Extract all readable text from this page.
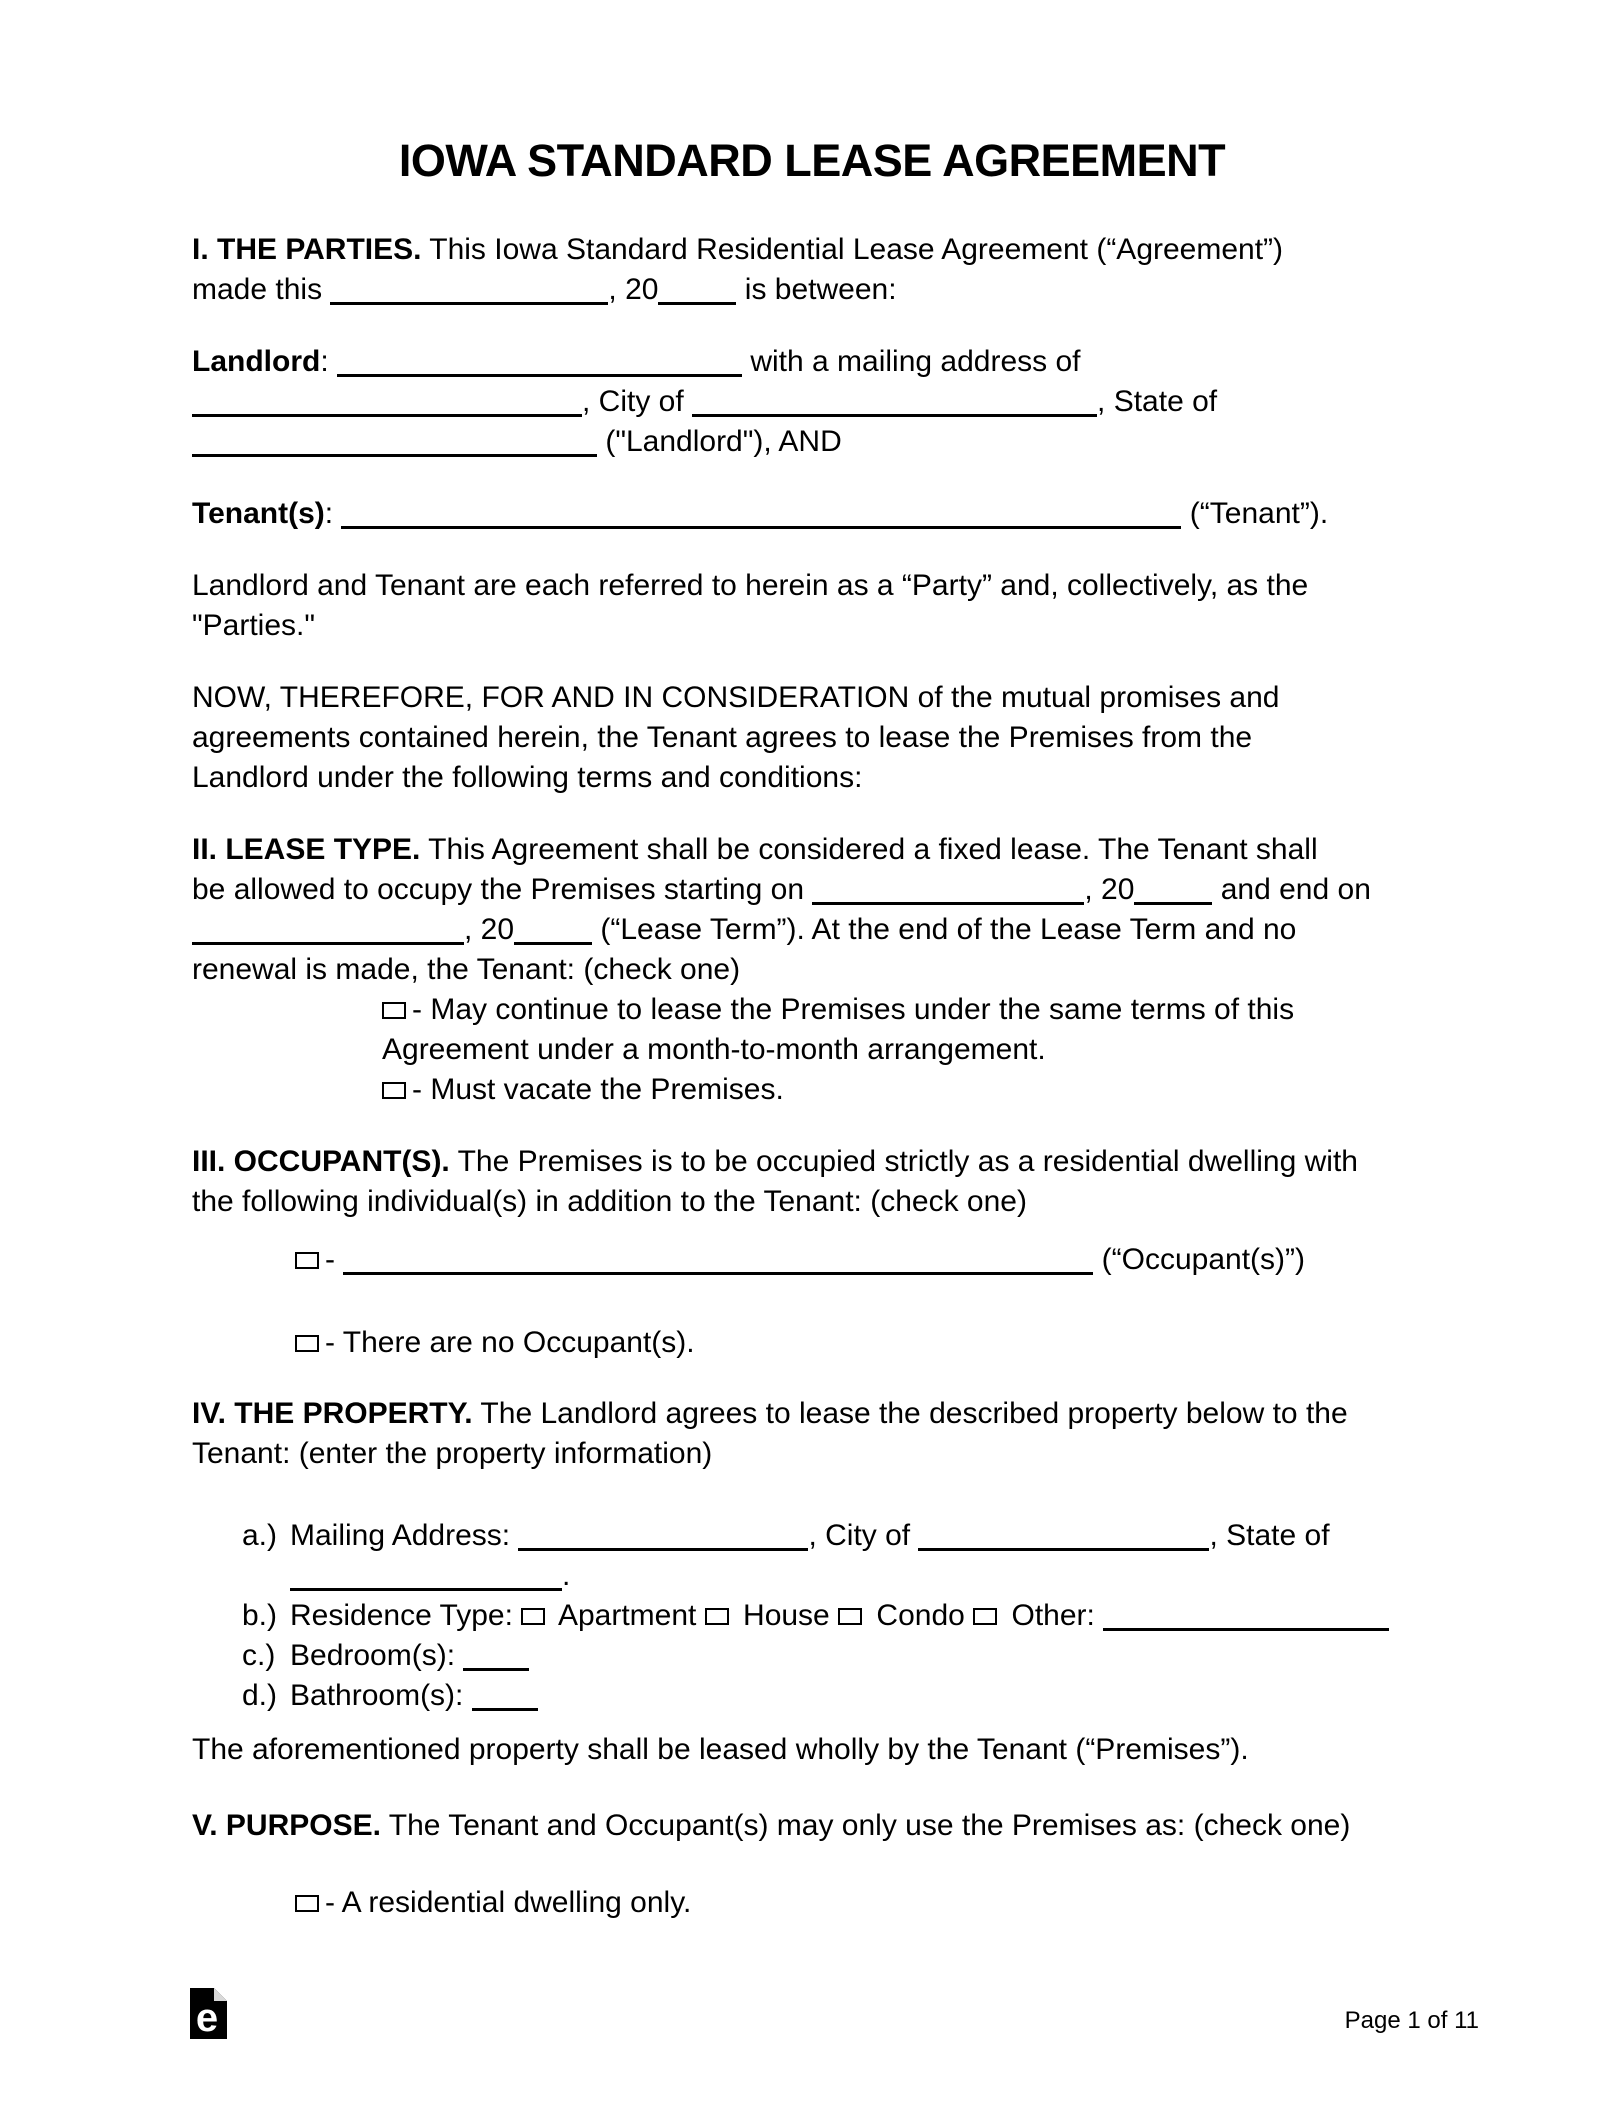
IOWA STANDARD LEASE AGREEMENT

I. THE PARTIES. This Iowa Standard Residential Lease Agreement (“Agreement”)
made this	, 20	is between:

Landlord:	with a mailing address of
, City of	, State of
("Landlord"), AND

Tenant(s):	(“Tenant”).

Landlord and Tenant are each referred to herein as a “Party” and, collectively, as the
"Parties."

NOW, THEREFORE, FOR AND IN CONSIDERATION of the mutual promises and
agreements contained herein, the Tenant agrees to lease the Premises from the
Landlord under the following terms and conditions:

II. LEASE TYPE. This Agreement shall be considered a fixed lease. The Tenant shall
be allowed to occupy the Premises starting on	, 20	and end on
, 20	(“Lease Term”). At the end of the Lease Term and no
renewal is made, the Tenant: (check one)

- May continue to lease the Premises under the same terms of this
Agreement under a month-to-month arrangement.
- Must vacate the Premises.

III. OCCUPANT(S). The Premises is to be occupied strictly as a residential dwelling with
the following individual(s) in addition to the Tenant: (check one)

-	(“Occupant(s)”)
- There are no Occupant(s).

IV. THE PROPERTY. The Landlord agrees to lease the described property below to the
Tenant: (enter the property information)

a.) Mailing Address:	, City of	, State of
.
b.) Residence Type:  Apartment  House  Condo  Other:
c.) Bedroom(s):
d.) Bathroom(s):

The aforementioned property shall be leased wholly by the Tenant (“Premises”).

V. PURPOSE. The Tenant and Occupant(s) may only use the Premises as: (check one)

- A residential dwelling only.
e	Page 1 of 11
